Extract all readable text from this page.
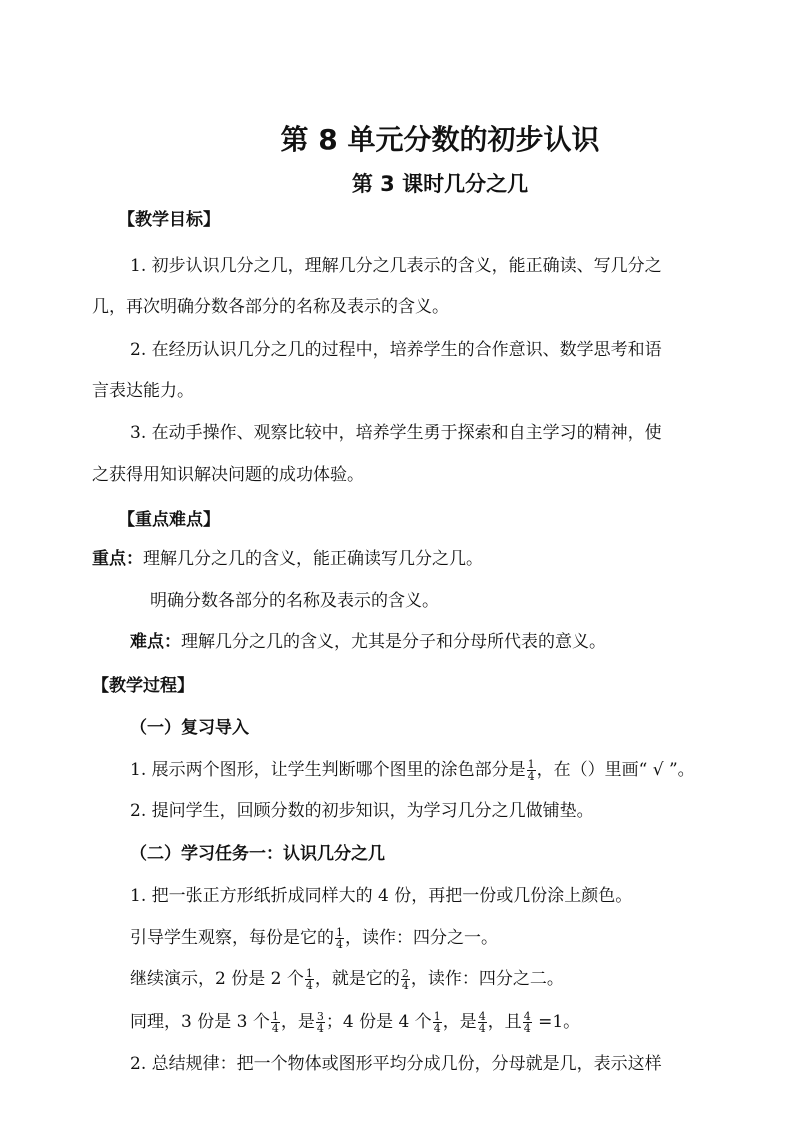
第 8 单元分数的初步认识
第 3 课时几分之几
【教学目标】
1. 初步认识几分之几，理解几分之几表示的含义，能正确读、写几分之
几，再次明确分数各部分的名称及表示的含义。
2. 在经历认识几分之几的过程中，培养学生的合作意识、数学思考和语
言表达能力。
3. 在动手操作、观察比较中，培养学生勇于探索和自主学习的精神，使
之获得用知识解决问题的成功体验。
【重点难点】
重点：理解几分之几的含义，能正确读写几分之几。
明确分数各部分的名称及表示的含义。
难点：理解几分之几的含义，尤其是分子和分母所代表的意义。
【教学过程】
（一）复习导入
1. 展示两个图形，让学生判断哪个图里的涂色部分是 $\frac{1}{4}$ ，在（）里画“ √ ”。
2. 提问学生，回顾分数的初步知识，为学习几分之几做铺垫。
（二）学习任务一：认识几分之几
1. 把一张正方形纸折成同样大的 4 份，再把一份或几份涂上颜色。
引导学生观察，每份是它的 $\frac{1}{4}$ ，读作：四分之一。
继续演示，2 份是 2 个 $\frac{1}{4}$ ，就是它的 $\frac{2}{4}$ ，读作：四分之二。
同理，3 份是 3 个 $\frac{1}{4}$ ，是 $\frac{3}{4}$ ；4 份是 4 个 $\frac{1}{4}$ ，是 $\frac{4}{4}$ ，且 $\frac{4}{4} =1$。
2. 总结规律：把一个物体或图形平均分成几份，分母就是几，表示这样
